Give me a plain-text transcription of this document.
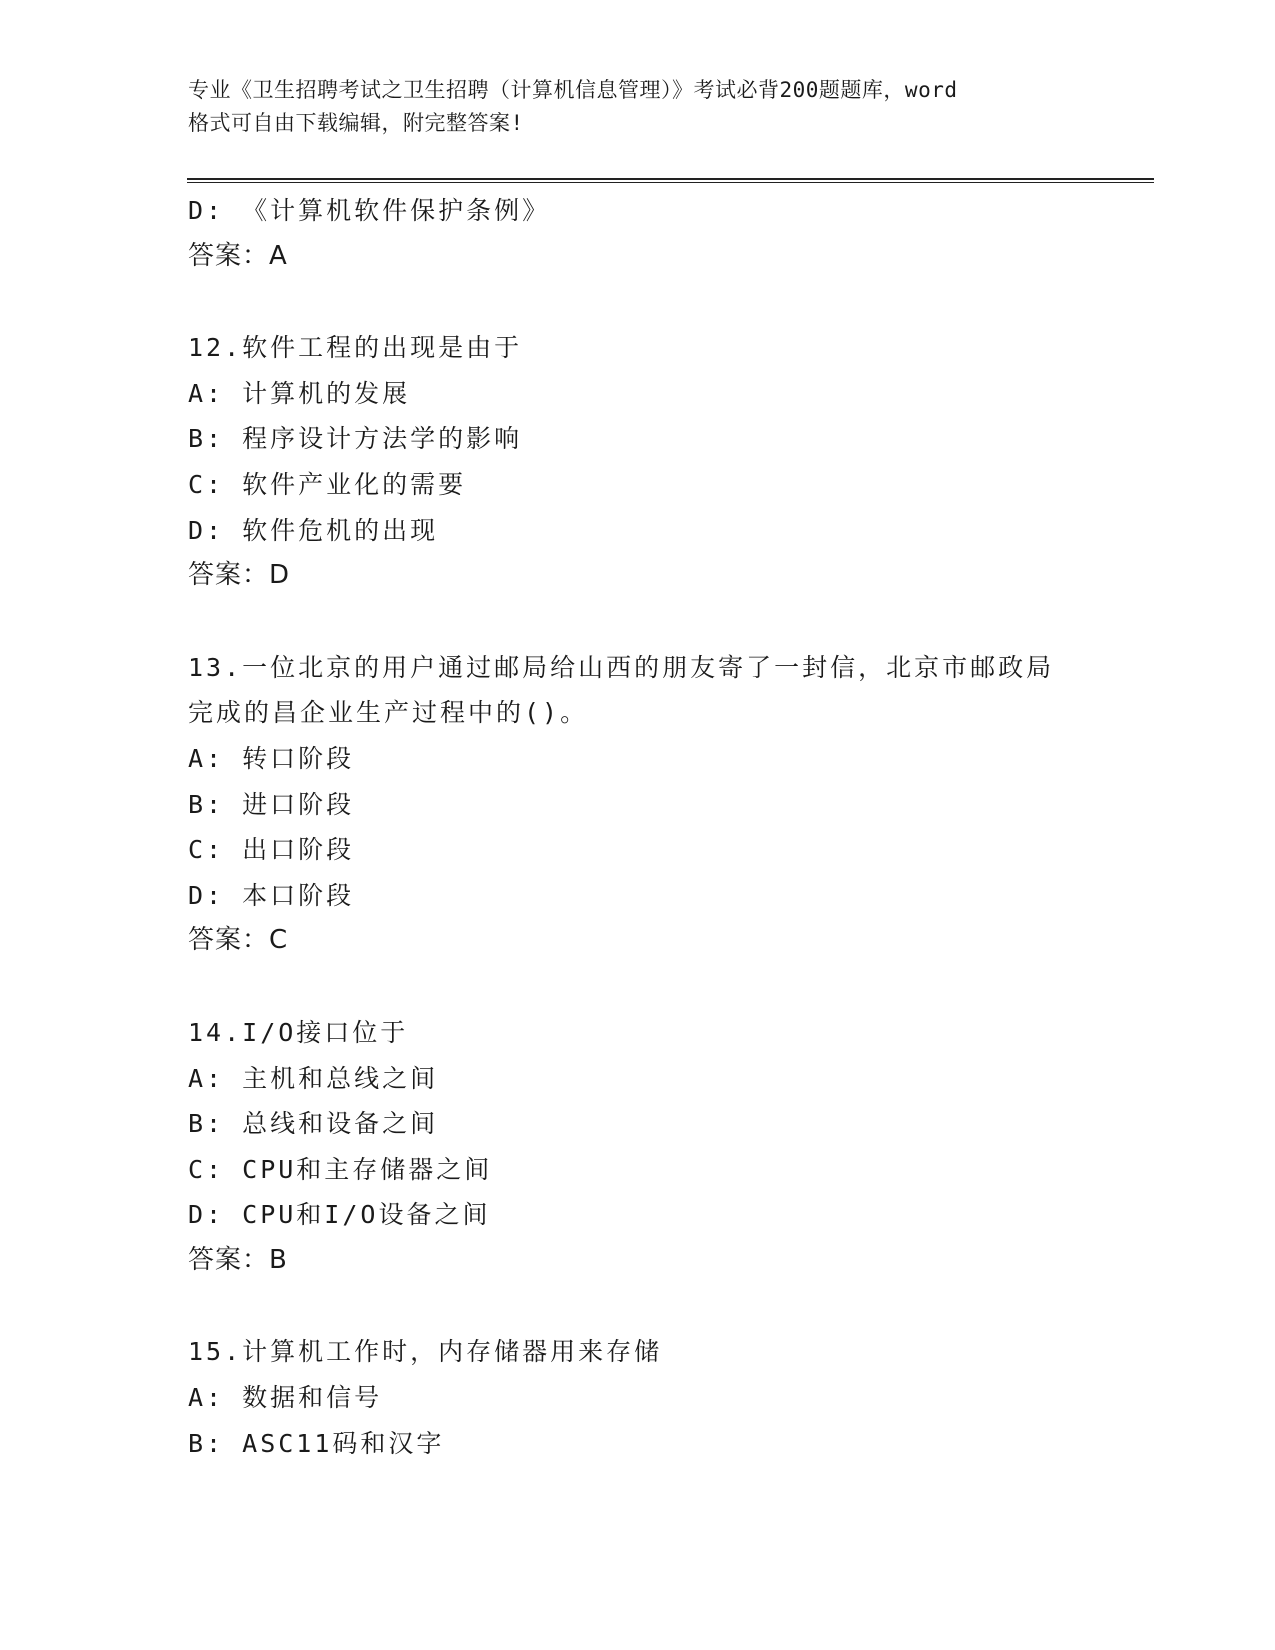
专业《卫生招聘考试之卫生招聘（计算机信息管理）》考试必背200题题库，word
格式可自由下载编辑，附完整答案!
D: 《计算机软件保护条例》
答案：A
12.软件工程的出现是由于
A: 计算机的发展
B: 程序设计方法学的影响
C: 软件产业化的需要
D: 软件危机的出现
答案：D
13.一位北京的用户通过邮局给山西的朋友寄了一封信，北京市邮政局
完成的昌企业生产过程中的()。
A: 转口阶段
B: 进口阶段
C: 出口阶段
D: 本口阶段
答案：C
14.I/O接口位于
A: 主机和总线之间
B: 总线和设备之间
C: CPU和主存储器之间
D: CPU和I/O设备之间
答案：B
15.计算机工作时，内存储器用来存储
A: 数据和信号
B: ASC11码和汉字
